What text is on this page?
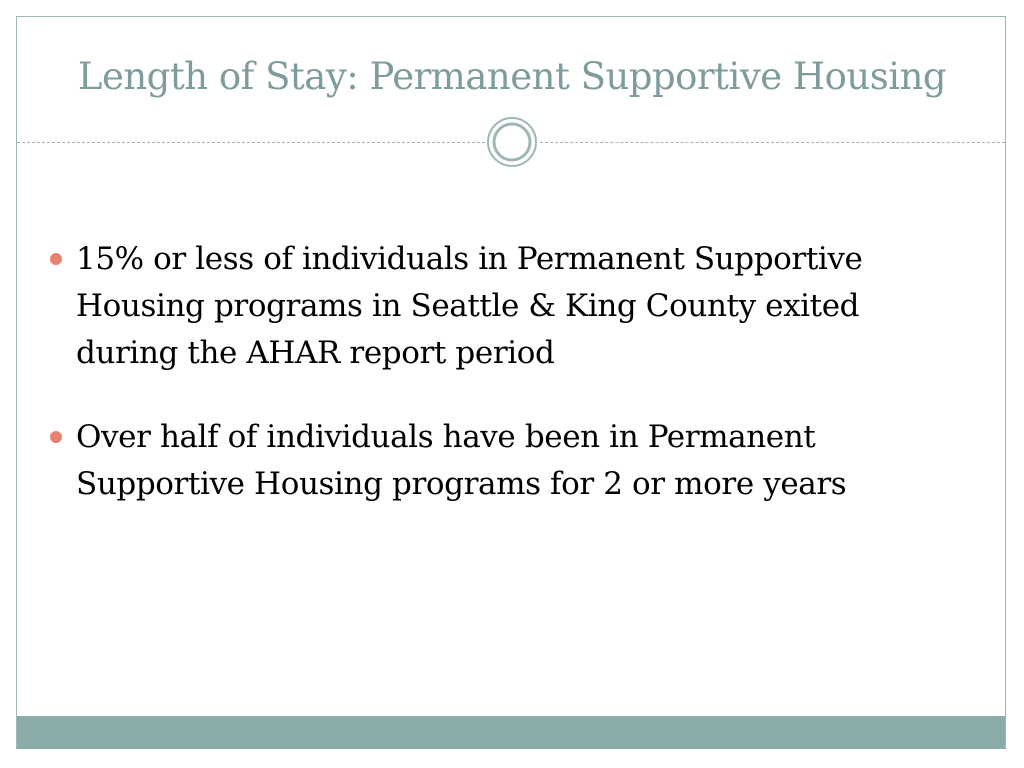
Length of Stay: Permanent Supportive Housing
15% or less of individuals in Permanent Supportive Housing programs in Seattle & King County exited during the AHAR report period
Over half of individuals have been in Permanent Supportive Housing programs for 2 or more years
